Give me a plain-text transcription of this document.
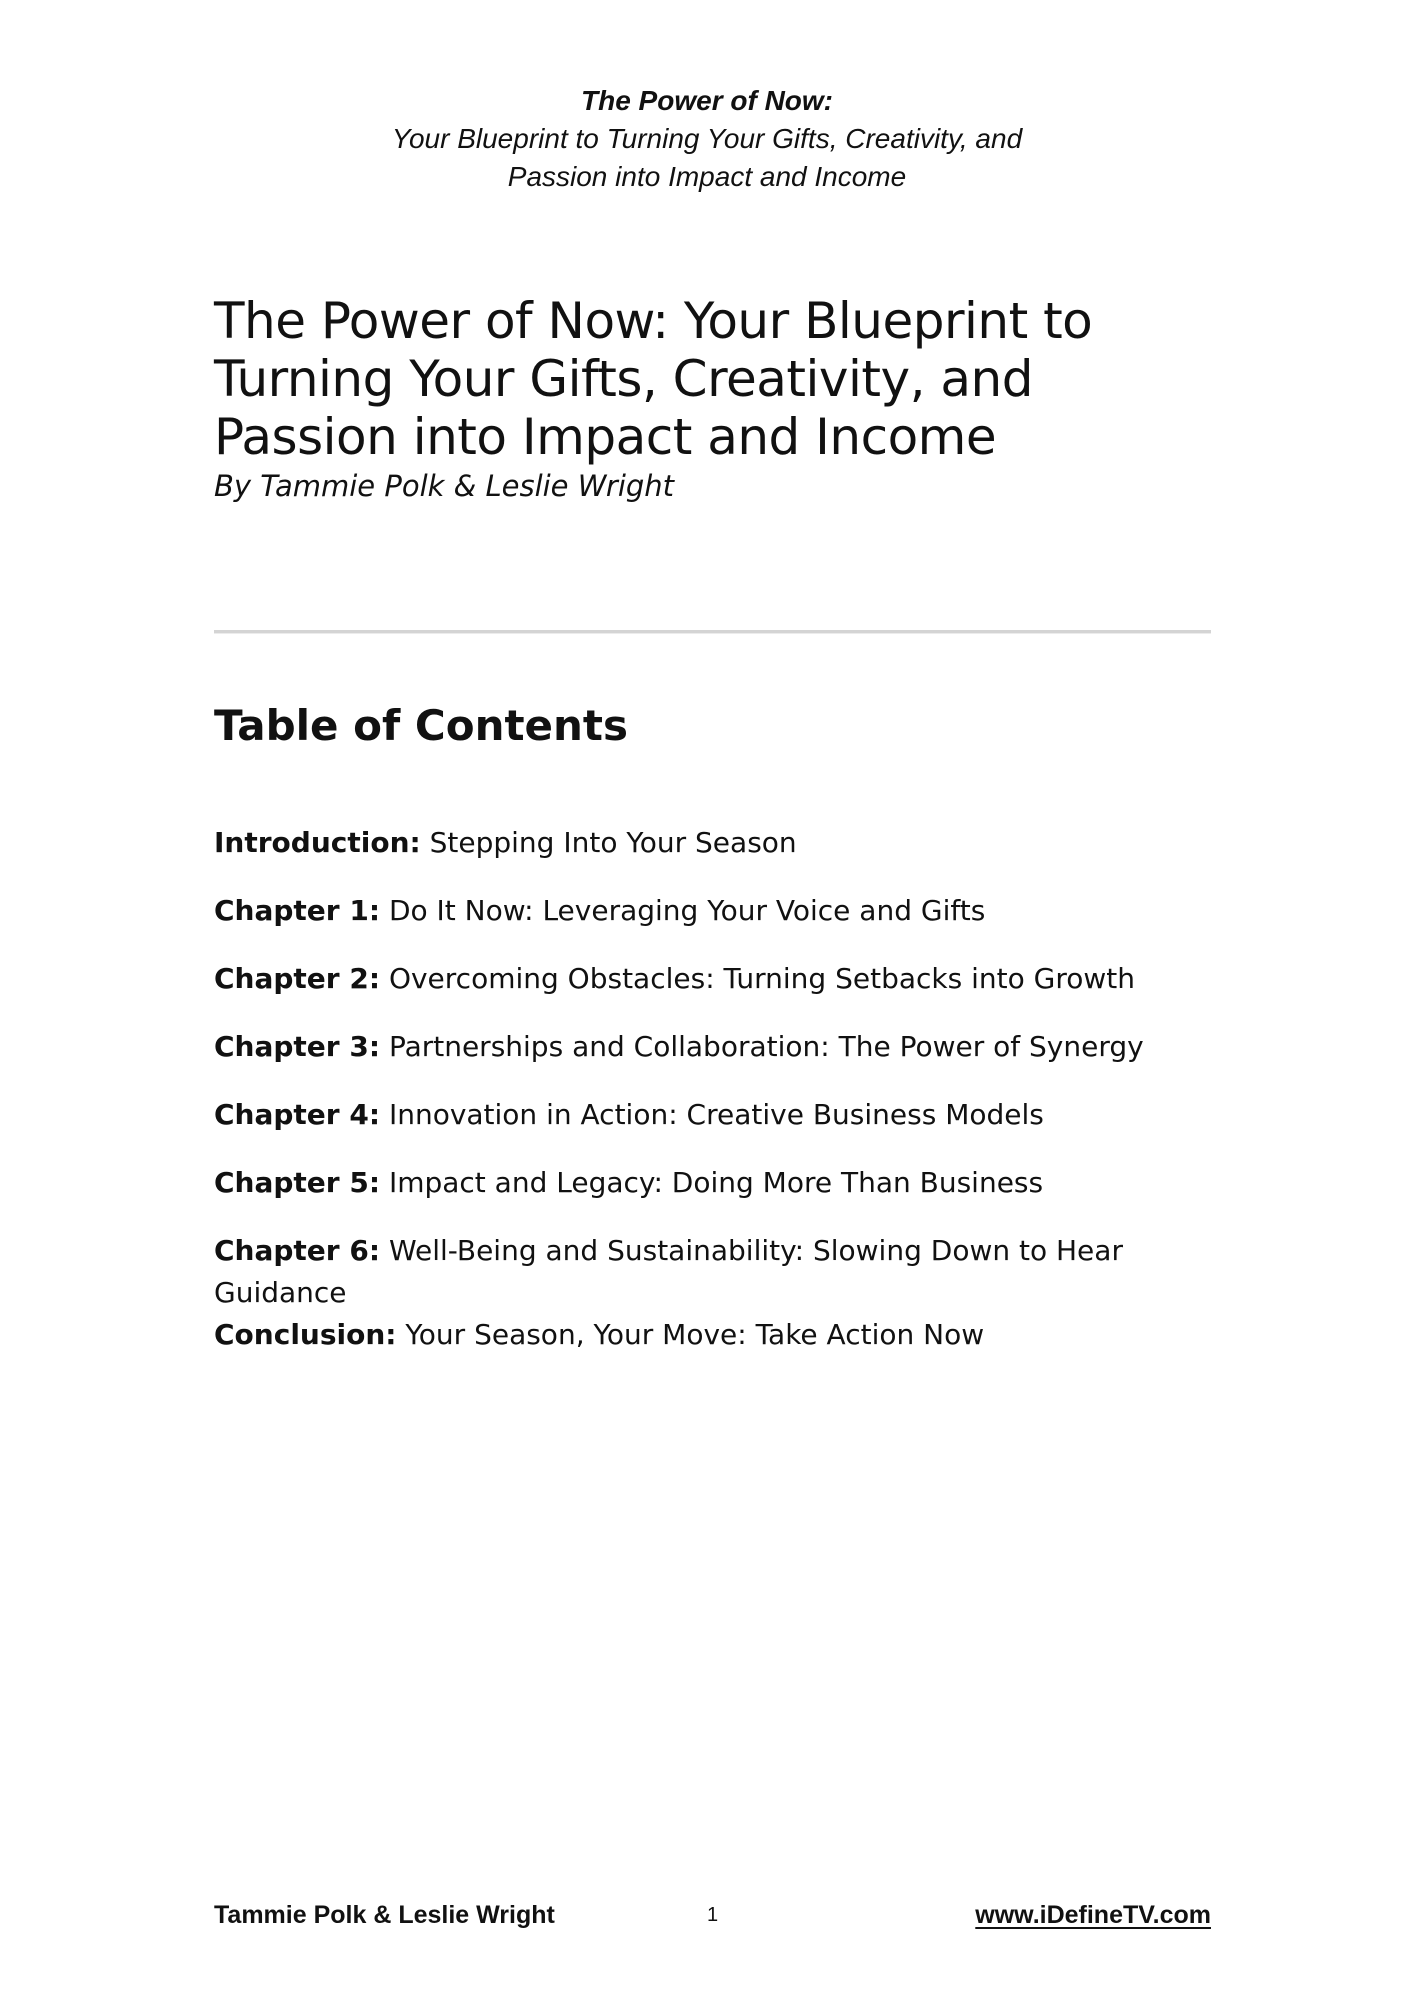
The Power of Now:
Your Blueprint to Turning Your Gifts, Creativity, and Passion into Impact and Income
The Power of Now: Your Blueprint to Turning Your Gifts, Creativity, and Passion into Impact and Income
By Tammie Polk & Leslie Wright
Table of Contents
Introduction: Stepping Into Your Season
Chapter 1: Do It Now: Leveraging Your Voice and Gifts
Chapter 2: Overcoming Obstacles: Turning Setbacks into Growth
Chapter 3: Partnerships and Collaboration: The Power of Synergy
Chapter 4: Innovation in Action: Creative Business Models
Chapter 5: Impact and Legacy: Doing More Than Business
Chapter 6: Well-Being and Sustainability: Slowing Down to Hear Guidance
Conclusion: Your Season, Your Move: Take Action Now
Tammie Polk & Leslie Wright	1	www.iDefineTV.com
